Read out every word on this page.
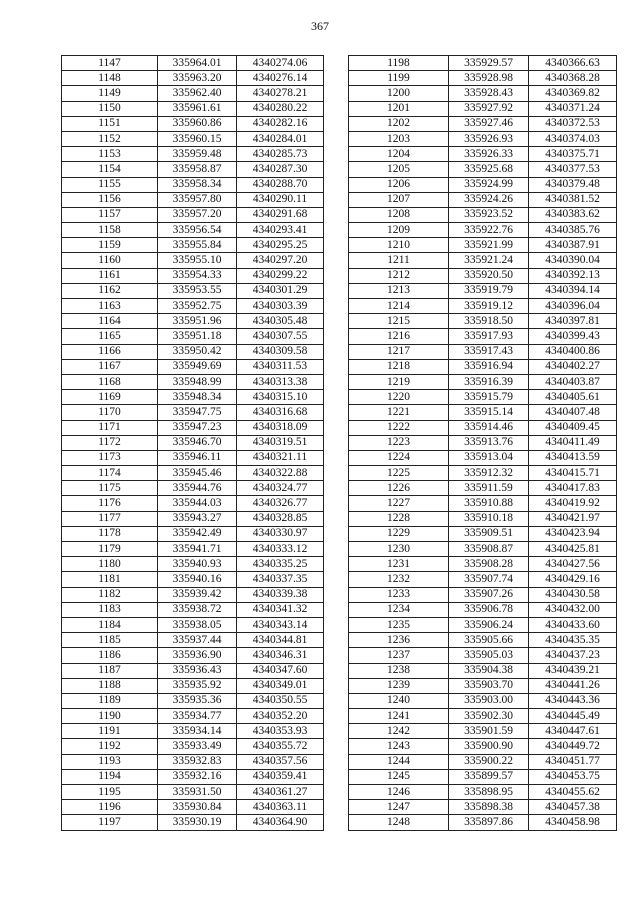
367
1147	335964.01	4340274.06
1148	335963.20	4340276.14
1149	335962.40	4340278.21
1150	335961.61	4340280.22
1151	335960.86	4340282.16
1152	335960.15	4340284.01
1153	335959.48	4340285.73
1154	335958.87	4340287.30
1155	335958.34	4340288.70
1156	335957.80	4340290.11
1157	335957.20	4340291.68
1158	335956.54	4340293.41
1159	335955.84	4340295.25
1160	335955.10	4340297.20
1161	335954.33	4340299.22
1162	335953.55	4340301.29
1163	335952.75	4340303.39
1164	335951.96	4340305.48
1165	335951.18	4340307.55
1166	335950.42	4340309.58
1167	335949.69	4340311.53
1168	335948.99	4340313.38
1169	335948.34	4340315.10
1170	335947.75	4340316.68
1171	335947.23	4340318.09
1172	335946.70	4340319.51
1173	335946.11	4340321.11
1174	335945.46	4340322.88
1175	335944.76	4340324.77
1176	335944.03	4340326.77
1177	335943.27	4340328.85
1178	335942.49	4340330.97
1179	335941.71	4340333.12
1180	335940.93	4340335.25
1181	335940.16	4340337.35
1182	335939.42	4340339.38
1183	335938.72	4340341.32
1184	335938.05	4340343.14
1185	335937.44	4340344.81
1186	335936.90	4340346.31
1187	335936.43	4340347.60
1188	335935.92	4340349.01
1189	335935.36	4340350.55
1190	335934.77	4340352.20
1191	335934.14	4340353.93
1192	335933.49	4340355.72
1193	335932.83	4340357.56
1194	335932.16	4340359.41
1195	335931.50	4340361.27
1196	335930.84	4340363.11
1197	335930.19	4340364.90
1198	335929.57	4340366.63
1199	335928.98	4340368.28
1200	335928.43	4340369.82
1201	335927.92	4340371.24
1202	335927.46	4340372.53
1203	335926.93	4340374.03
1204	335926.33	4340375.71
1205	335925.68	4340377.53
1206	335924.99	4340379.48
1207	335924.26	4340381.52
1208	335923.52	4340383.62
1209	335922.76	4340385.76
1210	335921.99	4340387.91
1211	335921.24	4340390.04
1212	335920.50	4340392.13
1213	335919.79	4340394.14
1214	335919.12	4340396.04
1215	335918.50	4340397.81
1216	335917.93	4340399.43
1217	335917.43	4340400.86
1218	335916.94	4340402.27
1219	335916.39	4340403.87
1220	335915.79	4340405.61
1221	335915.14	4340407.48
1222	335914.46	4340409.45
1223	335913.76	4340411.49
1224	335913.04	4340413.59
1225	335912.32	4340415.71
1226	335911.59	4340417.83
1227	335910.88	4340419.92
1228	335910.18	4340421.97
1229	335909.51	4340423.94
1230	335908.87	4340425.81
1231	335908.28	4340427.56
1232	335907.74	4340429.16
1233	335907.26	4340430.58
1234	335906.78	4340432.00
1235	335906.24	4340433.60
1236	335905.66	4340435.35
1237	335905.03	4340437.23
1238	335904.38	4340439.21
1239	335903.70	4340441.26
1240	335903.00	4340443.36
1241	335902.30	4340445.49
1242	335901.59	4340447.61
1243	335900.90	4340449.72
1244	335900.22	4340451.77
1245	335899.57	4340453.75
1246	335898.95	4340455.62
1247	335898.38	4340457.38
1248	335897.86	4340458.98
